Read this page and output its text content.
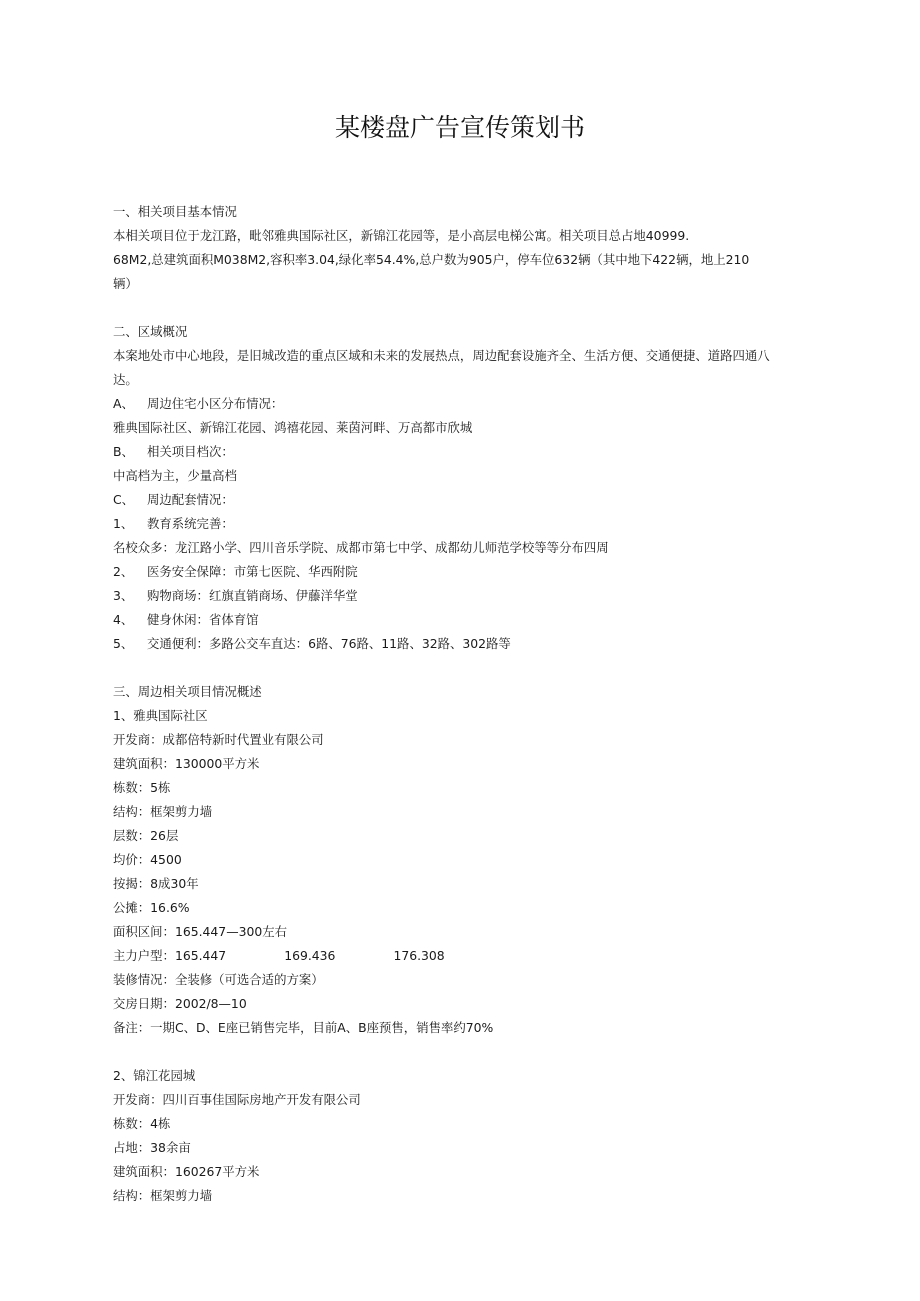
某楼盘广告宣传策划书
一、相关项目基本情况
本相关项目位于龙江路，毗邻雅典国际社区，新锦江花园等，是小高层电梯公寓。相关项目总占地40999.
68M2,总建筑面积M038M2,容积率3.04,绿化率54.4%,总户数为905户，停车位632辆（其中地下422辆，地上210
辆）
二、区域概况
本案地处市中心地段，是旧城改造的重点区域和未来的发展热点，周边配套设施齐全、生活方便、交通便捷、道路四通八
达。
A、 周边住宅小区分布情况：
雅典国际社区、新锦江花园、鸿禧花园、莱茵河畔、万高都市欣城
B、 相关项目档次：
中高档为主，少量高档
C、 周边配套情况：
1、 教育系统完善：
名校众多：龙江路小学、四川音乐学院、成都市第七中学、成都幼儿师范学校等等分布四周
2、 医务安全保障：市第七医院、华西附院
3、 购物商场：红旗直销商场、伊藤洋华堂
4、 健身休闲：省体育馆
5、 交通便利：多路公交车直达：6路、76路、11路、32路、302路等
三、周边相关项目情况概述
1、雅典国际社区
开发商：成都倍特新时代置业有限公司
建筑面积：130000平方米
栋数：5栋
结构：框架剪力墙
层数：26层
均价：4500
按揭：8成30年
公摊：16.6%
面积区间：165.447—300左右
主力户型：165.447	169.436	176.308
装修情况：全装修（可选合适的方案）
交房日期：2002/8—10
备注：一期C、D、E座已销售完毕，目前A、B座预售，销售率约70%
2、锦江花园城
开发商：四川百事佳国际房地产开发有限公司
栋数：4栋
占地：38余亩
建筑面积：160267平方米
结构：框架剪力墙
